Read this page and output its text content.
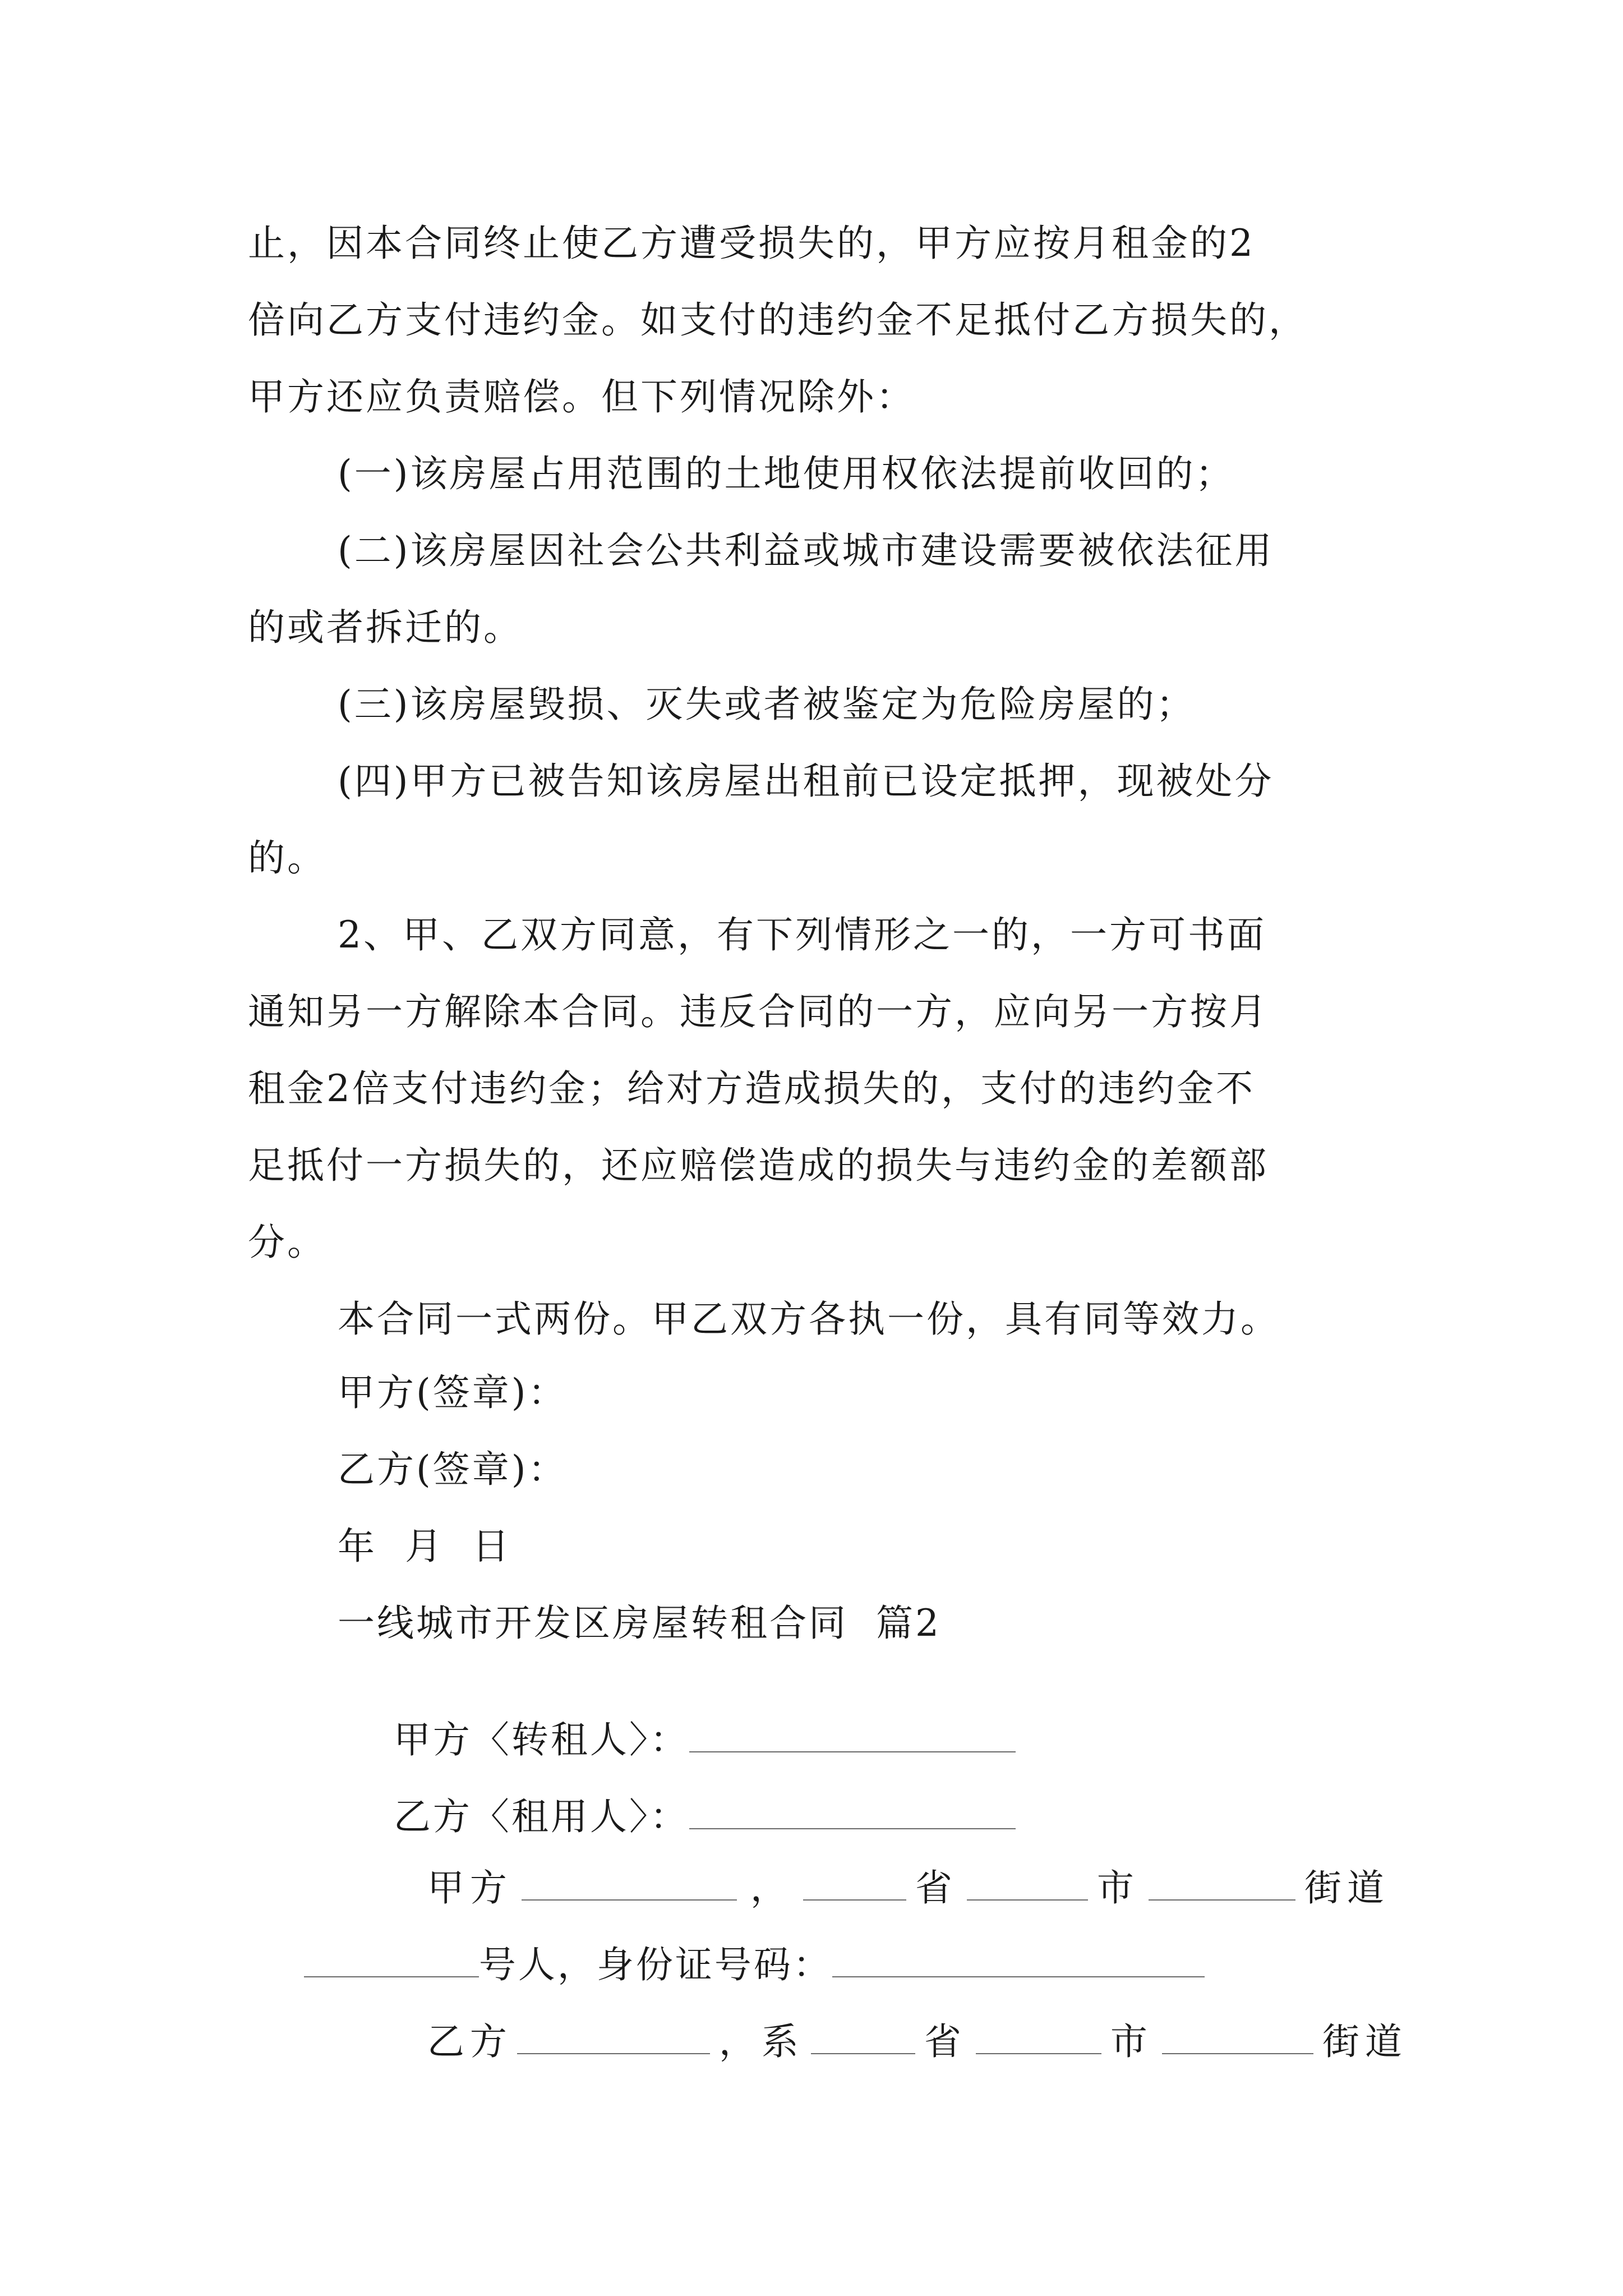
止，因本合同终止使乙方遭受损失的，甲方应按月租金的2
倍向乙方支付违约金。如支付的违约金不足抵付乙方损失的，
甲方还应负责赔偿。但下列情况除外：
(一)该房屋占用范围的土地使用权依法提前收回的；
(二)该房屋因社会公共利益或城市建设需要被依法征用
的或者拆迁的。
(三)该房屋毁损、灭失或者被鉴定为危险房屋的；
(四)甲方已被告知该房屋出租前已设定抵押，现被处分
的。
2、甲、乙双方同意，有下列情形之一的，一方可书面
通知另一方解除本合同。违反合同的一方，应向另一方按月
租金2倍支付违约金；给对方造成损失的，支付的违约金不
足抵付一方损失的，还应赔偿造成的损失与违约金的差额部
分。
本合同一式两份。甲乙双方各执一份，具有同等效力。
甲方(签章)：
乙方(签章)：
年  月  日
一线城市开发区房屋转租合同  篇2

甲方〈转租人〉：

乙方〈租用人〉：

甲方	，	省	市	街道

号人，身份证号码：

乙方	，系	省	市	街道
